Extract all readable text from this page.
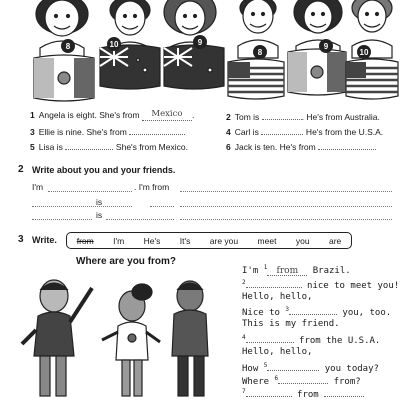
8	10	9
8
9
10
1 Angela is eight. She's from Mexico .	2 Tom is	. He's from Australia.
3 Ellie is nine. She's from	.	4 Carl is	. He's from the U.S.A.
5 Lisa is	. She's from Mexico.	6 Jack is ten. He's from	.
2 Write about you and your friends.
I'm	. I'm from
is
is
3 Write. from I'm He's It's are you meet you are
Where are you from?
I'm $^1$ from Brazil.
$^2$	nice to meet you!
Hello, hello,
Nice to $^3$	you, too.
This is my friend.
$^4$	from the U.S.A.
Hello, hello,
How $^5$	you today?
Where $^6$	from?
$^7$	from
